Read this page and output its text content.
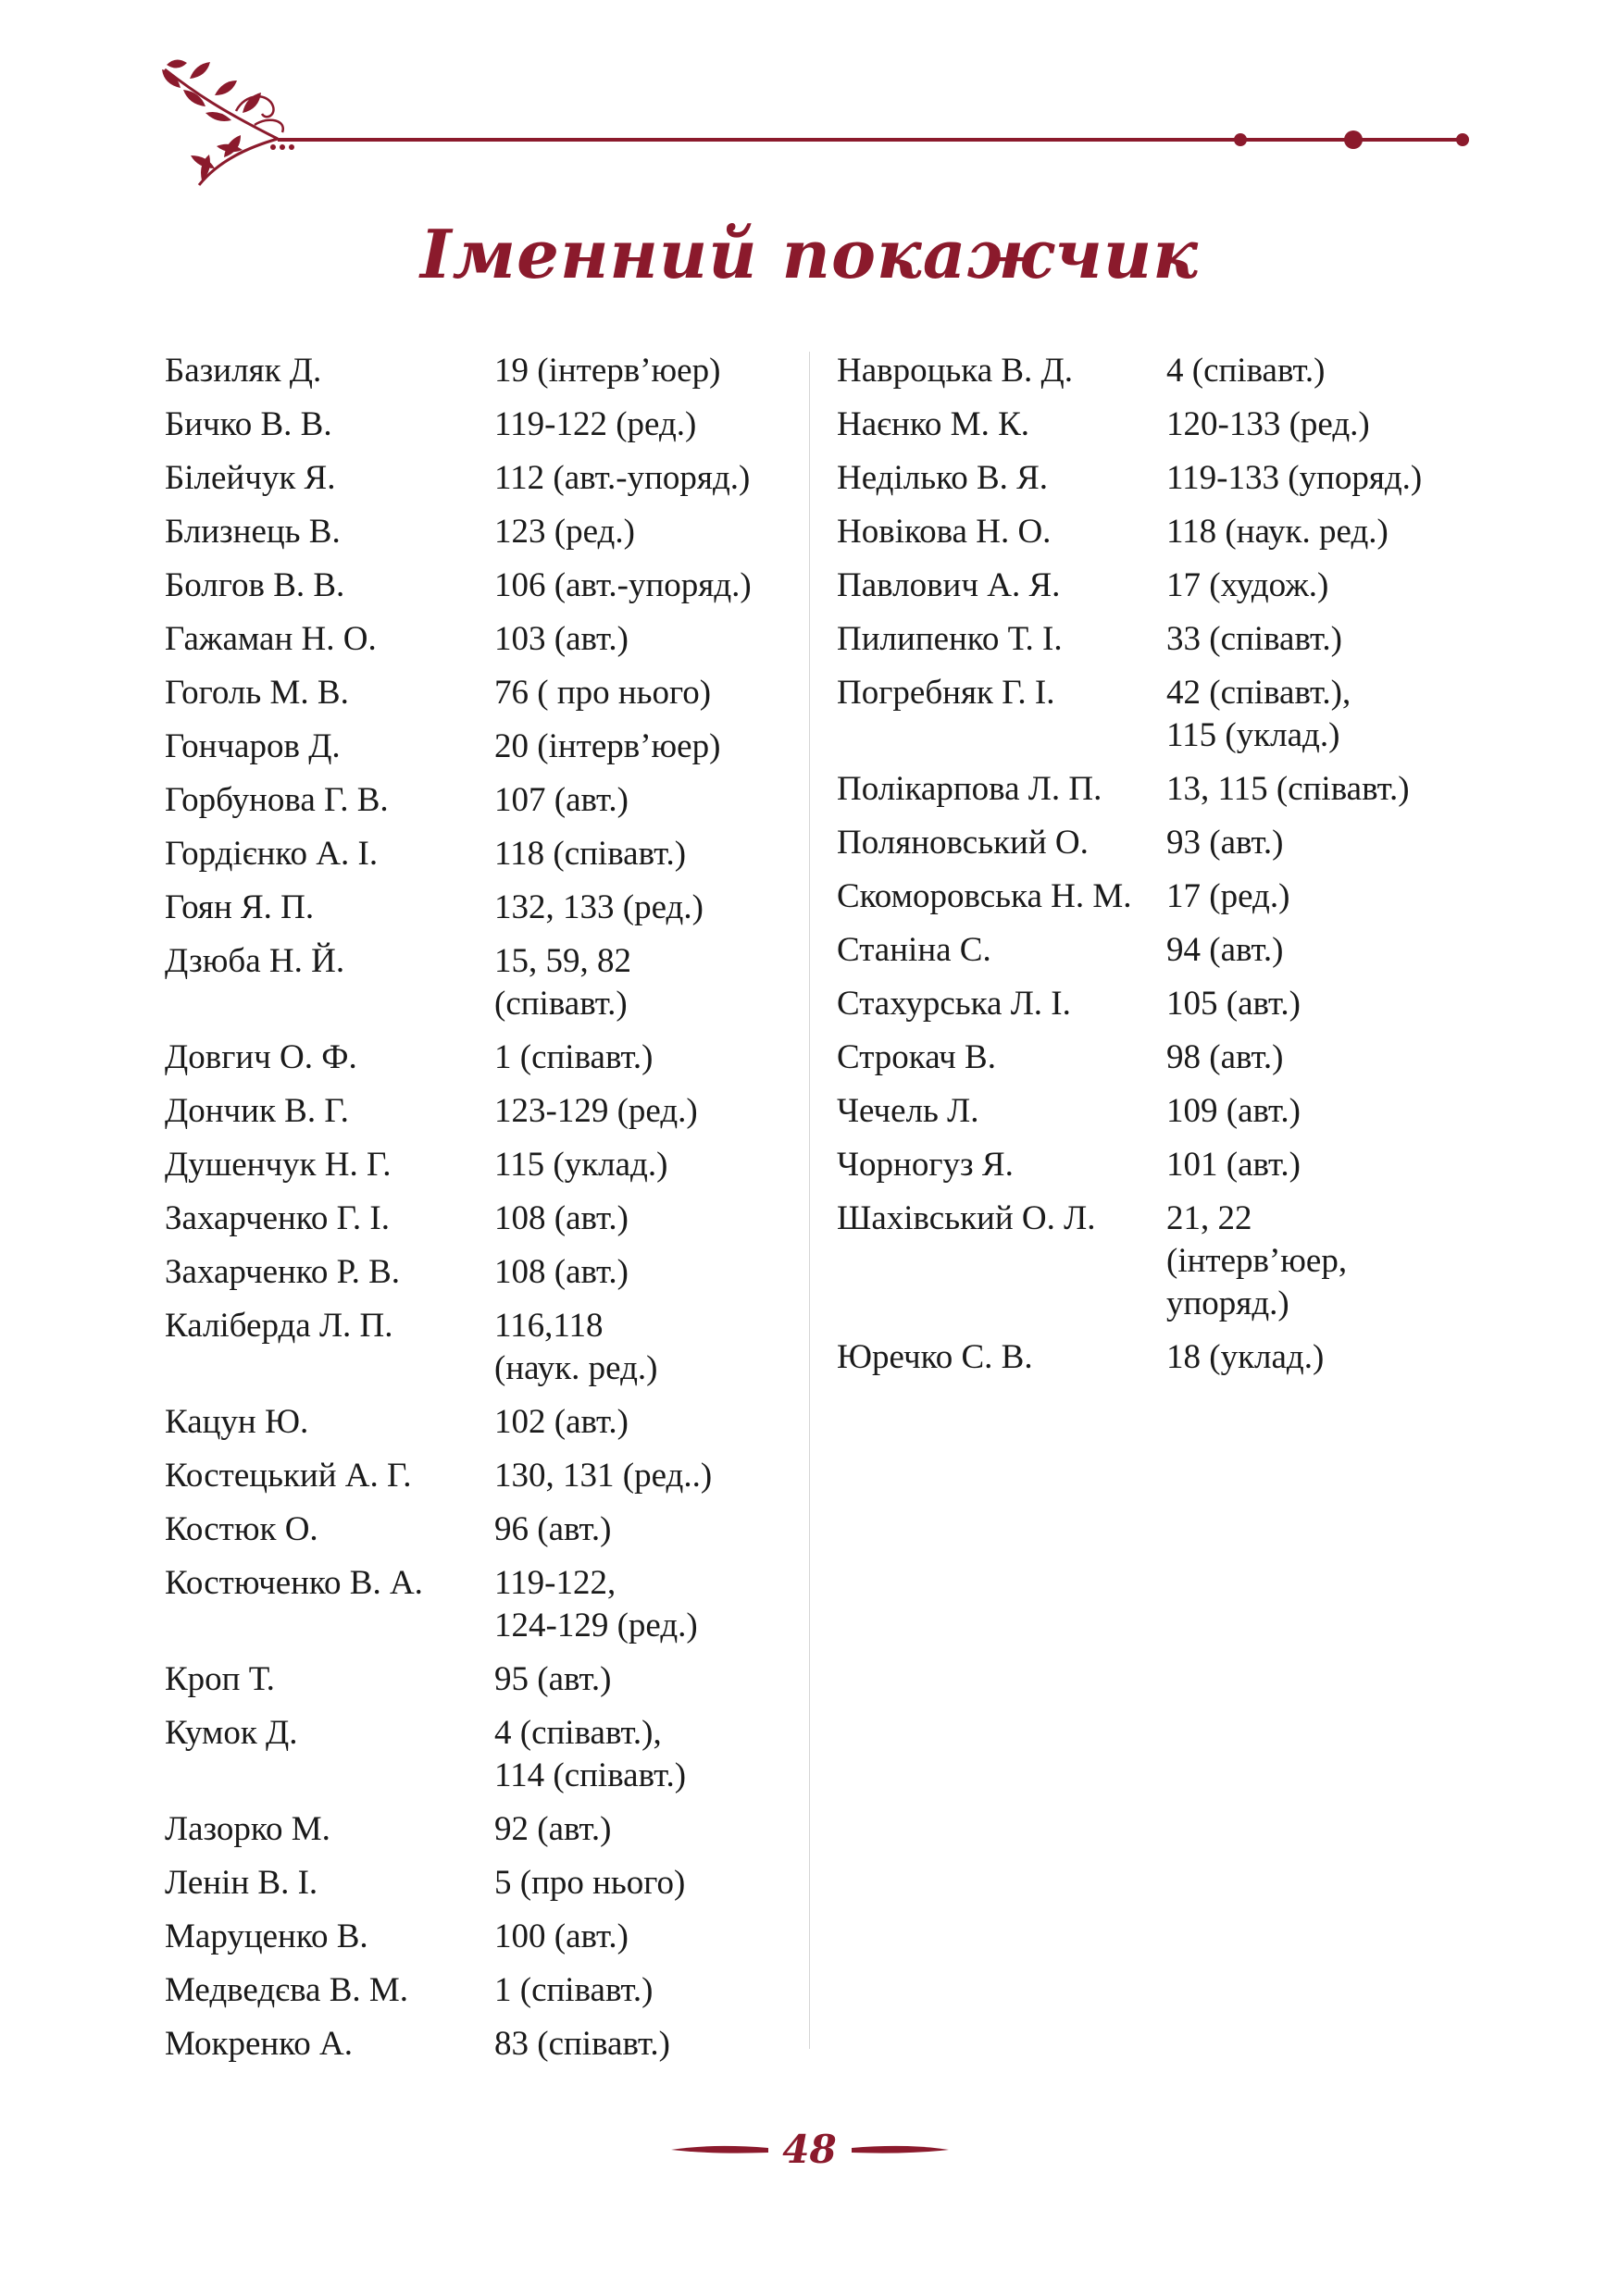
Іменний покажчик
Базиляк Д.	19 (інтерв’юер)
Бичко В. В.	119-122 (ред.)
Білейчук Я.	112 (авт.-упоряд.)
Близнець В.	123 (ред.)
Болгов В. В.	106 (авт.-упоряд.)
Гажаман Н. О.	103 (авт.)
Гоголь М. В.	76 ( про нього)
Гончаров Д.	20 (інтерв’юер)
Горбунова Г. В.	107 (авт.)
Гордієнко А. І.	118 (співавт.)
Гоян Я. П.	132, 133 (ред.)
Дзюба Н. Й.	15, 59, 82
(співавт.)
Довгич О. Ф.	1 (співавт.)
Дончик В. Г.	123-129 (ред.)
Душенчук Н. Г.	115 (уклад.)
Захарченко Г. І.	108 (авт.)
Захарченко Р. В.	108 (авт.)
Каліберда Л. П.	116,118
(наук. ред.)
Кацун Ю.	102 (авт.)
Костецький А. Г.	130, 131 (ред..)
Костюк О.	96 (авт.)
Костюченко В. А.	119-122,
124-129 (ред.)
Кроп Т.	95 (авт.)
Кумок Д.	4 (співавт.),
114 (співавт.)
Лазорко М.	92 (авт.)
Ленін В. І.	5 (про нього)
Маруценко В.	100 (авт.)
Медведєва В. М.	1 (співавт.)
Мокренко А.	83 (співавт.)
Навроцька В. Д.	4 (співавт.)
Наєнко М. К.	120-133 (ред.)
Неділько В. Я.	119-133 (упоряд.)
Новікова Н. О.	118 (наук. ред.)
Павлович А. Я.	17 (худож.)
Пилипенко Т. І.	33 (співавт.)
Погребняк Г. І.	42 (співавт.),
115 (уклад.)
Полікарпова Л. П.	13, 115 (співавт.)
Поляновський О.	93 (авт.)
Скоморовська Н. М.	17 (ред.)
Станіна С.	94 (авт.)
Стахурська Л. І.	105 (авт.)
Строкач В.	98 (авт.)
Чечель Л.	109 (авт.)
Чорногуз Я.	101 (авт.)
Шахівський О. Л.	21, 22
(інтерв’юер,
упоряд.)
Юречко С. В.	18 (уклад.)
48
